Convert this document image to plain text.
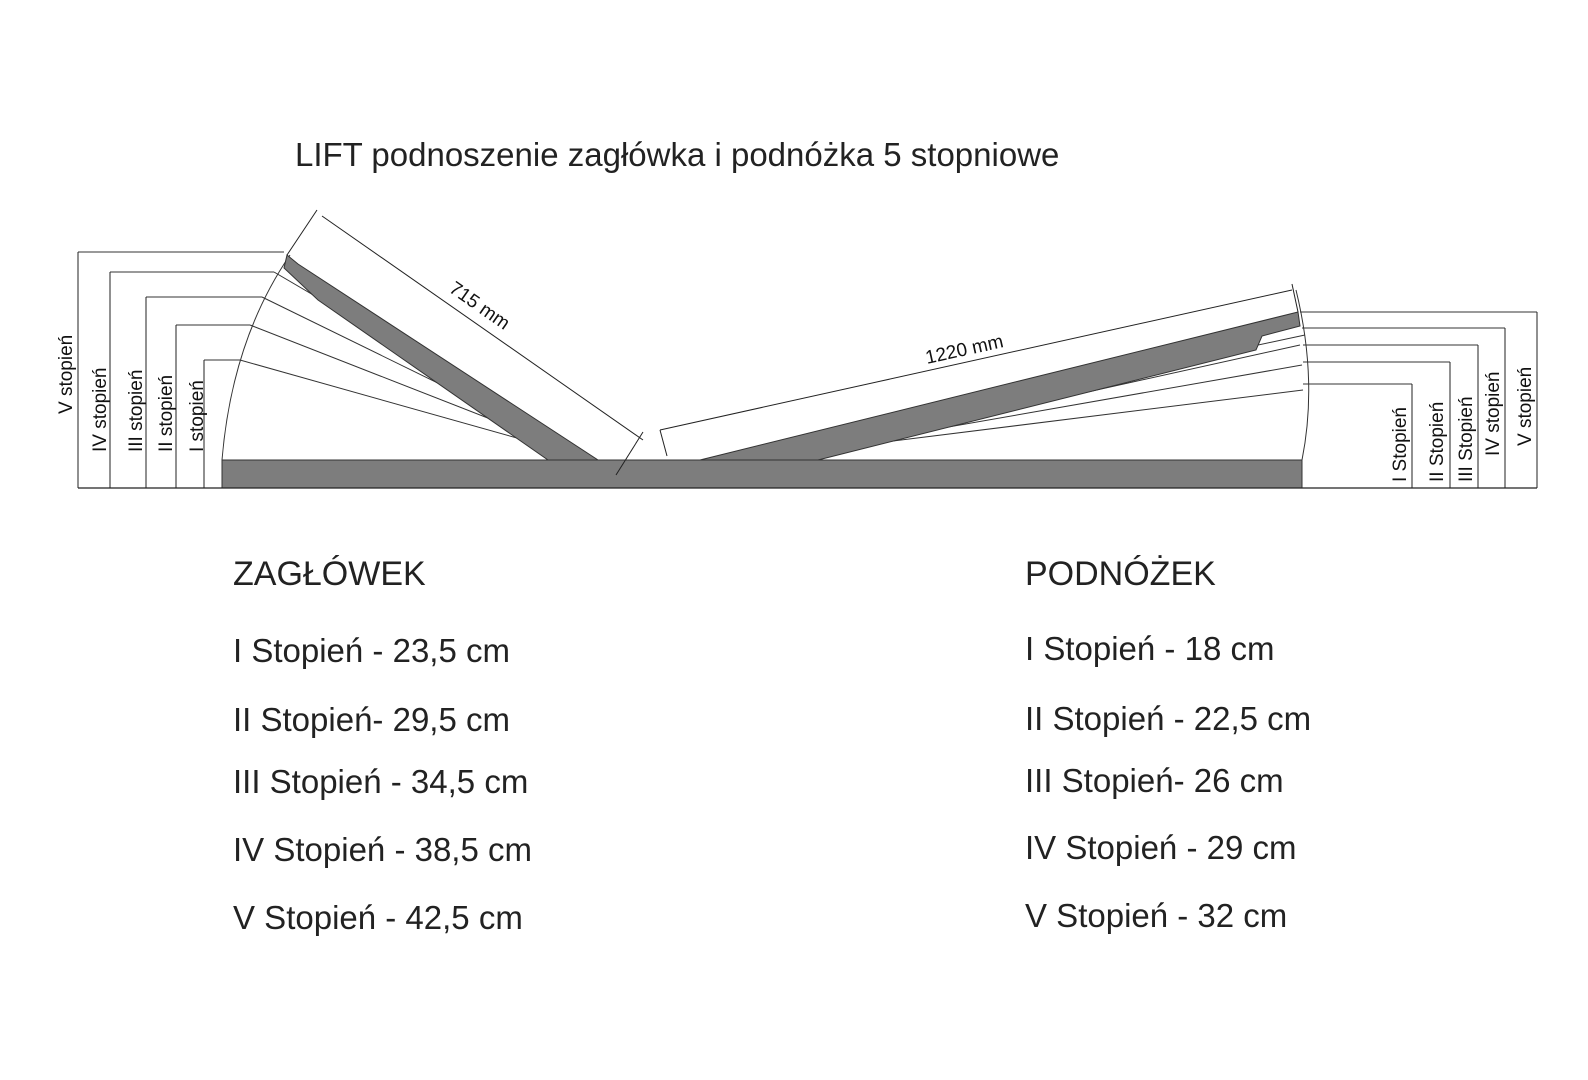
LIFT podnoszenie zagłówka i podnóżka 5 stopniowe
715 mm
1220 mm
I stopień
II stopień
III stopień
IV stopień
V stopień
I Stopień II Stopień III Stopień IV stopień V stopień
ZAGŁÓWEK
I Stopień - 23,5 cm
II Stopień- 29,5 cm
III Stopień - 34,5 cm
IV Stopień - 38,5 cm
V Stopień - 42,5 cm
PODNÓŻEK
I Stopień - 18 cm
II Stopień - 22,5 cm
III Stopień- 26 cm
IV Stopień - 29 cm
V Stopień - 32 cm
